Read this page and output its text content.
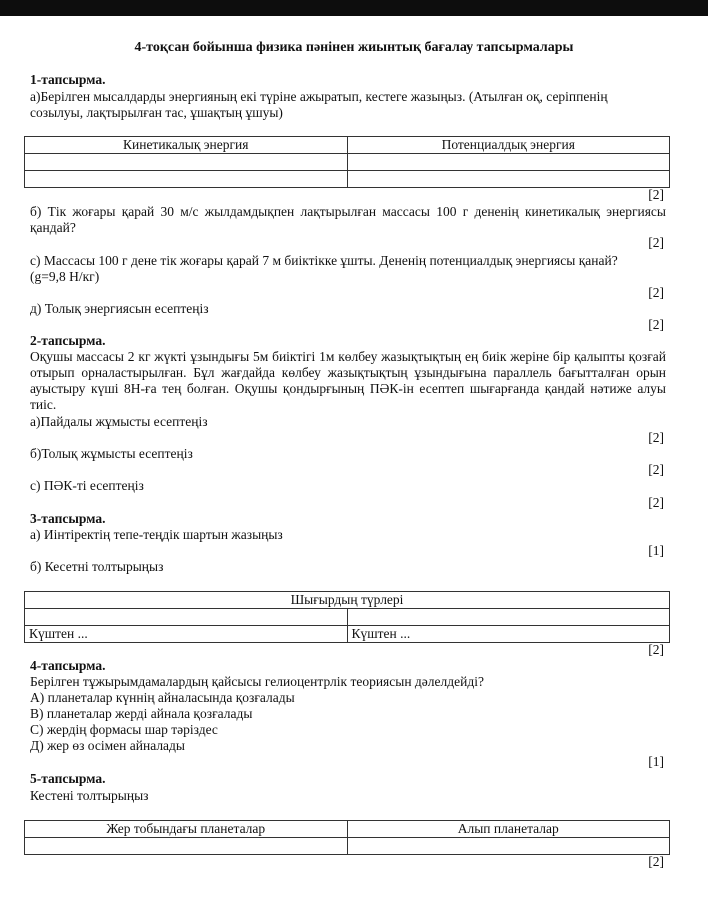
4-тоқсан бойынша физика пәнінен жиынтық бағалау тапсырмалары
1-тапсырма.
а)Берілген мысалдарды энергияның екі түріне ажыратып, кестеге жазыңыз. (Атылған оқ, серіппенің
созылуы, лақтырылған тас, ұшақтың ұшуы)
Кинетикалық энергия	Потенциалдық энергия

[2]
б) Тік жоғары қарай 30 м/с жылдамдықпен лақтырылған массасы 100 г дененің кинетикалық энергиясы қандай?
[2]
с) Массасы 100 г дене тік жоғары қарай 7 м биіктікке ұшты. Дененің потенциалдық энергиясы қанай?
(g=9,8 Н/кг)
[2]
д) Толық энергиясын есептеңіз
[2]
2-тапсырма.
Оқушы массасы 2 кг жүкті ұзындығы 5м биіктігі 1м көлбеу жазықтықтың ең биік жеріне бір қалыпты қозғай отырып орналастырылған. Бұл жағдайда көлбеу жазықтықтың ұзындығына параллель бағытталған орын ауыстыру күші 8Н-ға тең болған. Оқушы қондырғының ПӘК-ін есептеп шығарғанда қандай нәтиже алуы тиіс.
а)Пайдалы жұмысты есептеңіз
[2]
б)Толық жұмысты есептеңіз
[2]
с) ПӘК-ті есептеңіз
[2]
3-тапсырма.
а) Иінтіректің тепе-теңдік шартын жазыңыз
[1]
б) Кесетні толтырыңыз
Шығырдың түрлері	

Күштен ...	Күштен ...
[2]
4-тапсырма.
Берілген тұжырымдамалардың қайсысы гелиоцентрлік теориясын дәлелдейді?
А) планеталар күннің айналасында қозғалады
В) планеталар жерді айнала қозғалады
С) жердің формасы шар тәріздес
Д) жер өз осімен айналады
[1]
5-тапсырма.
Кестені толтырыңыз
Жер тобындағы планеталар	Алып планеталар

[2]
